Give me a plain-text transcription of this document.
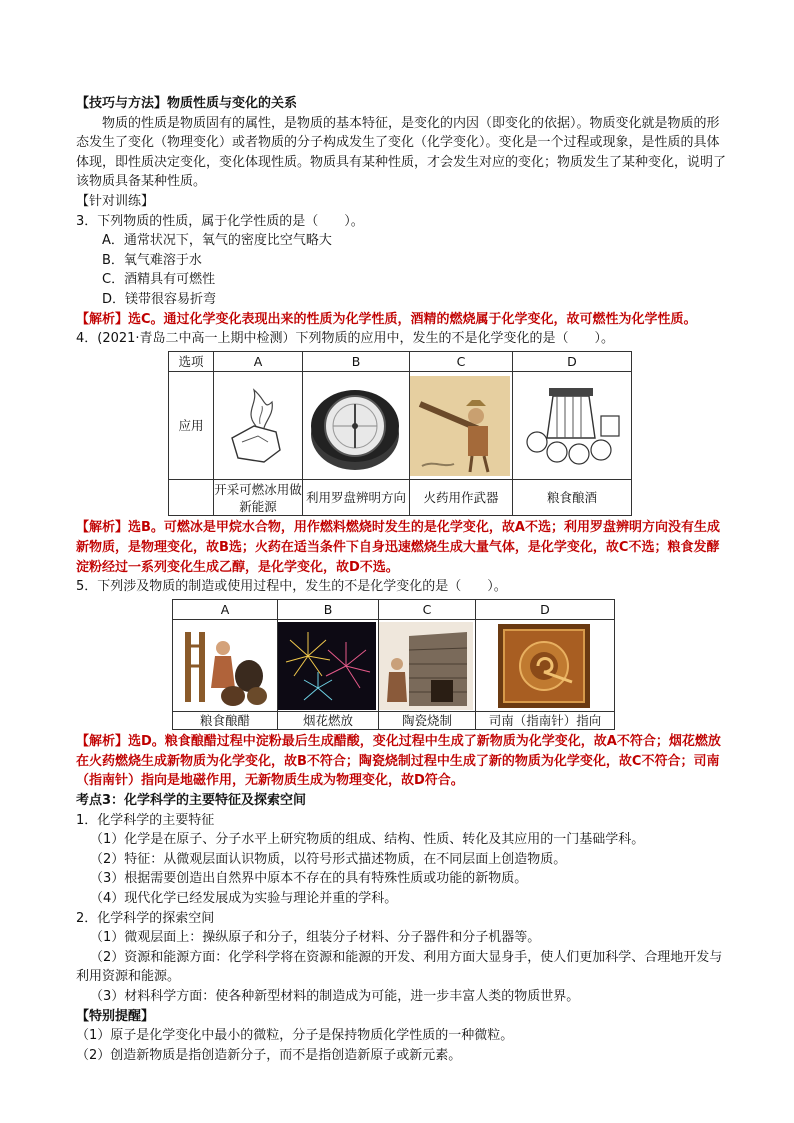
【技巧与方法】物质性质与变化的关系

物质的性质是物质固有的属性，是物质的基本特征，是变化的内因（即变化的依据）。物质变化就是物质的形态发生了变化（物理变化）或者物质的分子构成发生了变化（化学变化）。变化是一个过程或现象，是性质的具体体现，即性质决定变化，变化体现性质。物质具有某种性质，才会发生对应的变化；物质发生了某种变化，说明了该物质具备某种性质。

【针对训练】

3．下列物质的性质，属于化学性质的是（　　）。

A．通常状况下，氧气的密度比空气略大

B．氧气难溶于水

C．酒精具有可燃性

D．镁带很容易折弯

【解析】选C。通过化学变化表现出来的性质为化学性质，酒精的燃烧属于化学变化，故可燃性为化学性质。

4．(2021·青岛二中高一上期中检测）下列物质的应用中，发生的不是化学变化的是（　　）。

选项	A	B	C	D
应用	

	开采可燃冰用做新能源	利用罗盘辨明方向	火药用作武器	粮食酿酒

【解析】选B。可燃冰是甲烷水合物，用作燃料燃烧时发生的是化学变化，故A不选；利用罗盘辨明方向没有生成新物质，是物理变化，故B选；火药在适当条件下自身迅速燃烧生成大量气体，是化学变化，故C不选；粮食发酵淀粉经过一系列变化生成乙醇，是化学变化，故D不选。

5．下列涉及物质的制造或使用过程中，发生的不是化学变化的是（　　）。

A	B	C	D

粮食酿醋	烟花燃放	陶瓷烧制	司南（指南针）指向

【解析】选D。粮食酿醋过程中淀粉最后生成醋酸，变化过程中生成了新物质为化学变化，故A不符合；烟花燃放在火药燃烧生成新物质为化学变化，故B不符合；陶瓷烧制过程中生成了新的物质为化学变化，故C不符合；司南（指南针）指向是地磁作用，无新物质生成为物理变化，故D符合。

考点3：化学科学的主要特征及探索空间

1．化学科学的主要特征

（1）化学是在原子、分子水平上研究物质的组成、结构、性质、转化及其应用的一门基础学科。

（2）特征：从微观层面认识物质，以符号形式描述物质，在不同层面上创造物质。

（3）根据需要创造出自然界中原本不存在的具有特殊性质或功能的新物质。

（4）现代化学已经发展成为实验与理论并重的学科。

2．化学科学的探索空间

（1）微观层面上：操纵原子和分子，组装分子材料、分子器件和分子机器等。

（2）资源和能源方面：化学科学将在资源和能源的开发、利用方面大显身手，使人们更加科学、合理地开发与利用资源和能源。

（3）材料科学方面：使各种新型材料的制造成为可能，进一步丰富人类的物质世界。

【特别提醒】

（1）原子是化学变化中最小的微粒，分子是保持物质化学性质的一种微粒。

（2）创造新物质是指创造新分子，而不是指创造新原子或新元素。
